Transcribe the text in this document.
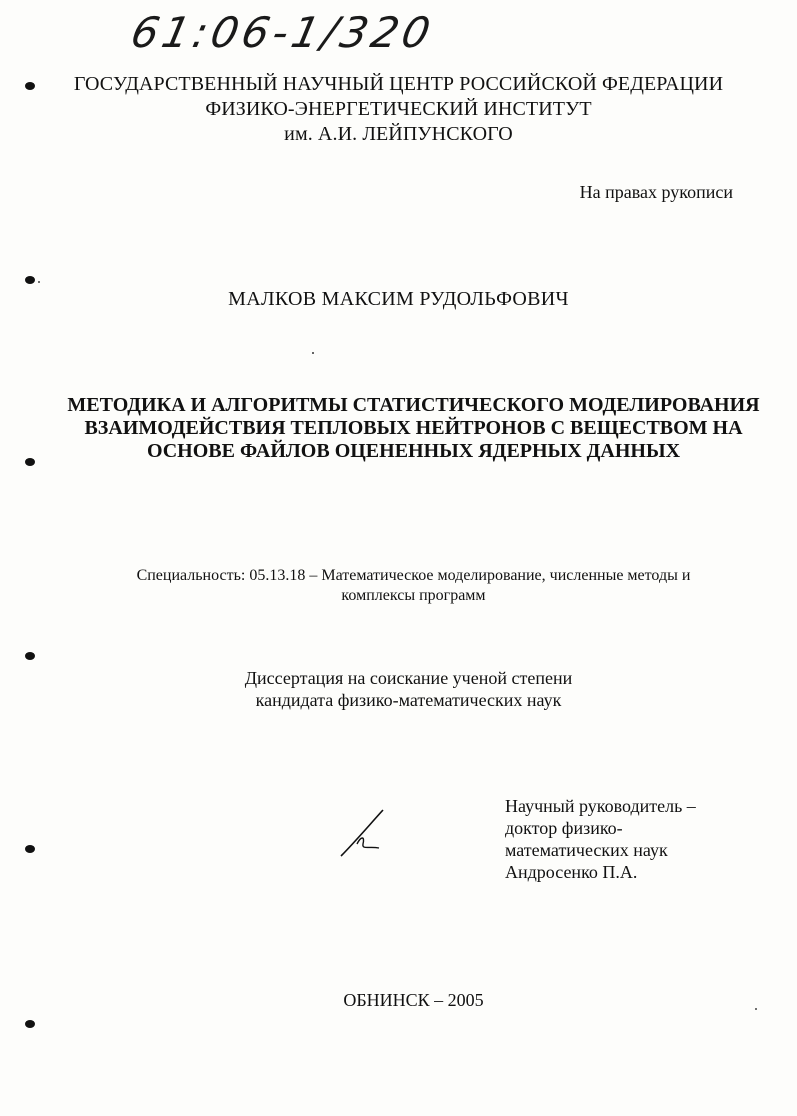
61:06-1/320
ГОСУДАРСТВЕННЫЙ НАУЧНЫЙ ЦЕНТР РОССИЙСКОЙ ФЕДЕРАЦИИ
ФИЗИКО-ЭНЕРГЕТИЧЕСКИЙ ИНСТИТУТ
им. А.И. ЛЕЙПУНСКОГО
На правах рукописи
МАЛКОВ МАКСИМ РУДОЛЬФОВИЧ
МЕТОДИКА И АЛГОРИТМЫ СТАТИСТИЧЕСКОГО МОДЕЛИРОВАНИЯ
ВЗАИМОДЕЙСТВИЯ ТЕПЛОВЫХ НЕЙТРОНОВ С ВЕЩЕСТВОМ НА
ОСНОВЕ ФАЙЛОВ ОЦЕНЕННЫХ ЯДЕРНЫХ ДАННЫХ
Специальность: 05.13.18 – Математическое моделирование, численные методы и
комплексы программ
Диссертация на соискание ученой степени
кандидата физико-математических наук
Научный руководитель –
доктор физико-
математических наук
Андросенко П.А.
ОБНИНСК – 2005
